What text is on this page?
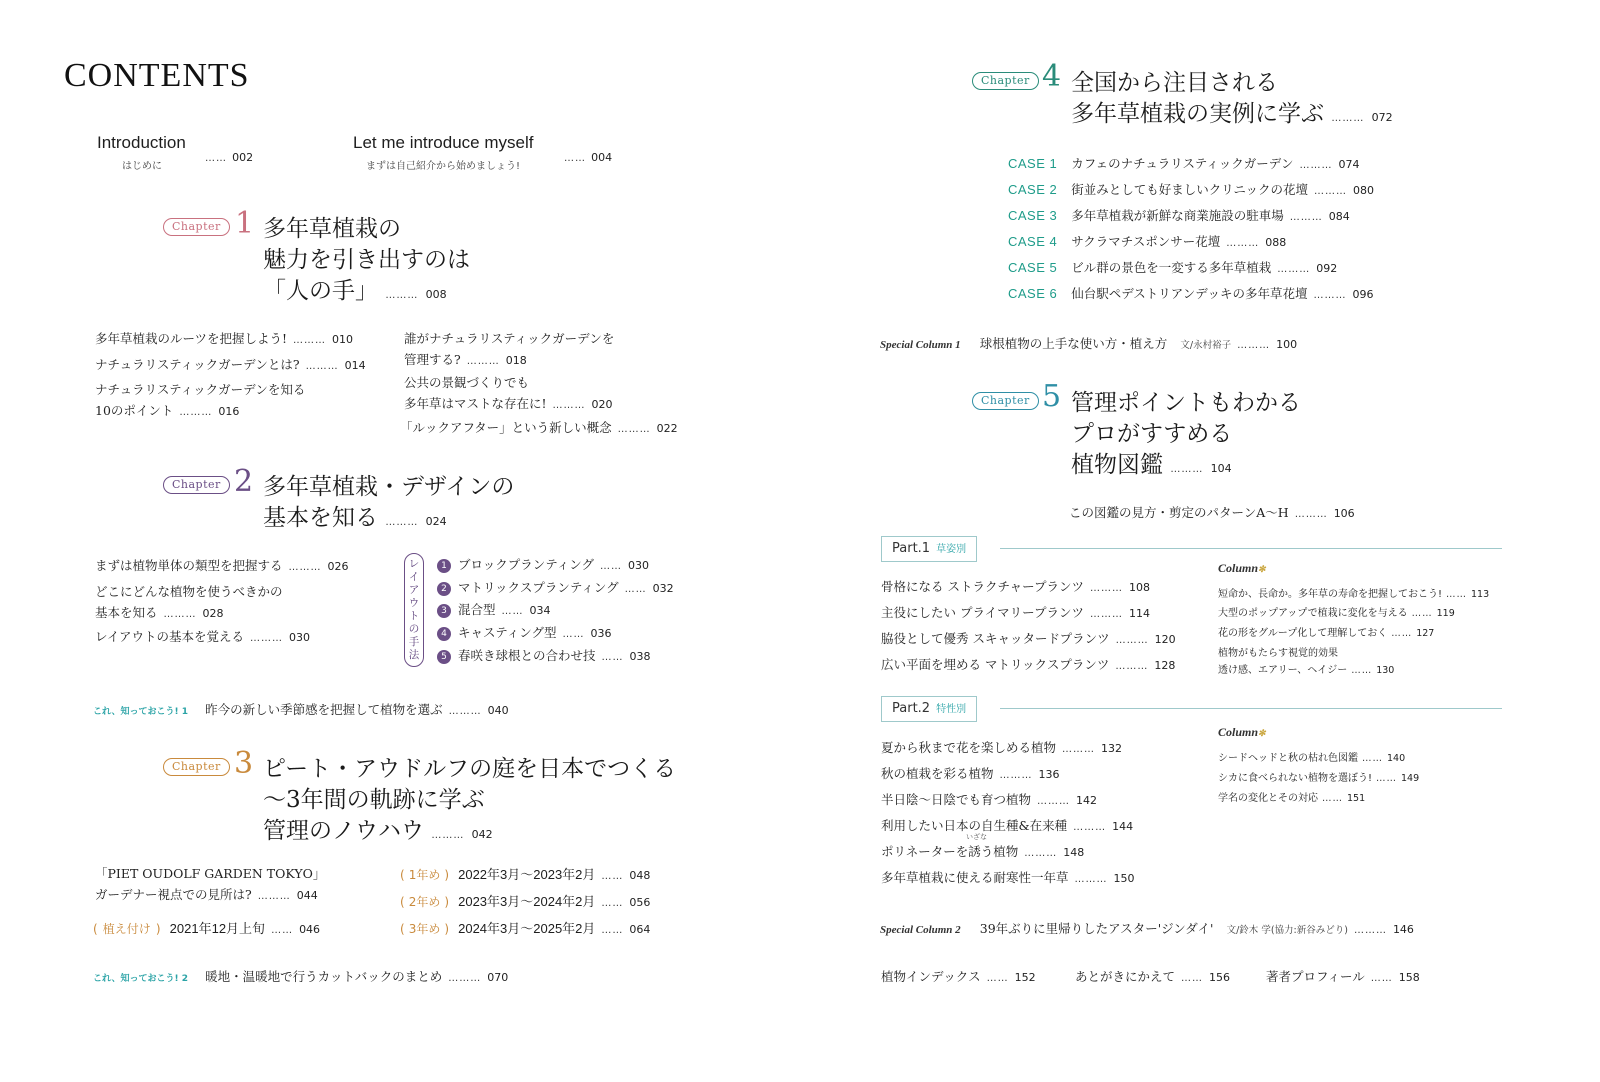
CONTENTS
Introduction
はじめに
…… 002
Let me introduce myself
まずは自己紹介から始めましょう!
…… 004
Chapter 1 多年草植栽の
魅力を引き出すのは
「人の手」 ……… 008
多年草植栽のルーツを把握しよう! ……… 010
ナチュラリスティックガーデンとは? ……… 014
ナチュラリスティックガーデンを知る
10のポイント ……… 016
誰がナチュラリスティックガーデンを
管理する? ……… 018
公共の景観づくりでも
多年草はマストな存在に! ……… 020
「ルックアフター」という新しい概念 ……… 022
Chapter 2 多年草植栽・デザインの
基本を知る ……… 024
まずは植物単体の類型を把握する ……… 026
どこにどんな植物を使うべきかの
基本を知る ……… 028
レイアウトの基本を覚える ……… 030
レイアウトの手法
1 ブロックプランティング …… 030
2 マトリックスプランティング …… 032
3 混合型 …… 034
4 キャスティング型 …… 036
5 春咲き球根との合わせ技 …… 038
これ、知っておこう! 1 昨今の新しい季節感を把握して植物を選ぶ ……… 040
Chapter 3 ピート・アウドルフの庭を日本でつくる
〜3年間の軌跡に学ぶ
管理のノウハウ ……… 042
「PIET OUDOLF GARDEN TOKYO」
ガーデナー視点での見所は? ……… 044
( 植え付け ) 2021年12月上旬 …… 046
( 1年め ) 2022年3月〜2023年2月 …… 048
( 2年め ) 2023年3月〜2024年2月 …… 056
( 3年め ) 2024年3月〜2025年2月 …… 064
これ、知っておこう! 2 暖地・温暖地で行うカットバックのまとめ ……… 070
Chapter 4 全国から注目される
多年草植栽の実例に学ぶ ……… 072
CASE 1 カフェのナチュラリスティックガーデン ……… 074
CASE 2 街並みとしても好ましいクリニックの花壇 ……… 080
CASE 3 多年草植栽が新鮮な商業施設の駐車場 ……… 084
CASE 4 サクラマチスポンサー花壇 ……… 088
CASE 5 ビル群の景色を一変する多年草植栽 ……… 092
CASE 6 仙台駅ペデストリアンデッキの多年草花壇 ……… 096
Special Column 1 球根植物の上手な使い方・植え方 文/永村裕子 ……… 100
Chapter 5 管理ポイントもわかる
プロがすすめる
植物図鑑 ……… 104
この図鑑の見方・剪定のパターンA〜H ……… 106
Part.1 草姿別
骨格になる ストラクチャープランツ ……… 108
主役にしたい プライマリープランツ ……… 114
脇役として優秀 スキャッタードプランツ ……… 120
広い平面を埋める マトリックスプランツ ……… 128
Column✻
短命か、長命か。多年草の寿命を把握しておこう! …… 113
大型のポップアップで植栽に変化を与える …… 119
花の形をグループ化して理解しておく …… 127
植物がもたらす視覚的効果
透け感、エアリー、ヘイジー …… 130
Part.2 特性別
夏から秋まで花を楽しめる植物 ……… 132
秋の植栽を彩る植物 ……… 136
半日陰〜日陰でも育つ植物 ……… 142
利用したい日本の自生種&在来種 ……… 144
いざな
ポリネーターを誘う植物 ……… 148
多年草植栽に使える耐寒性一年草 ……… 150
Column✻
シードヘッドと秋の枯れ色図鑑 …… 140
シカに食べられない植物を選ぼう! …… 149
学名の変化とその対応 …… 151
Special Column 2 39年ぶりに里帰りしたアスター'ジンダイ' 文/鈴木 学(協力:新谷みどり) ……… 146
植物インデックス …… 152	あとがきにかえて …… 156	著者プロフィール …… 158
